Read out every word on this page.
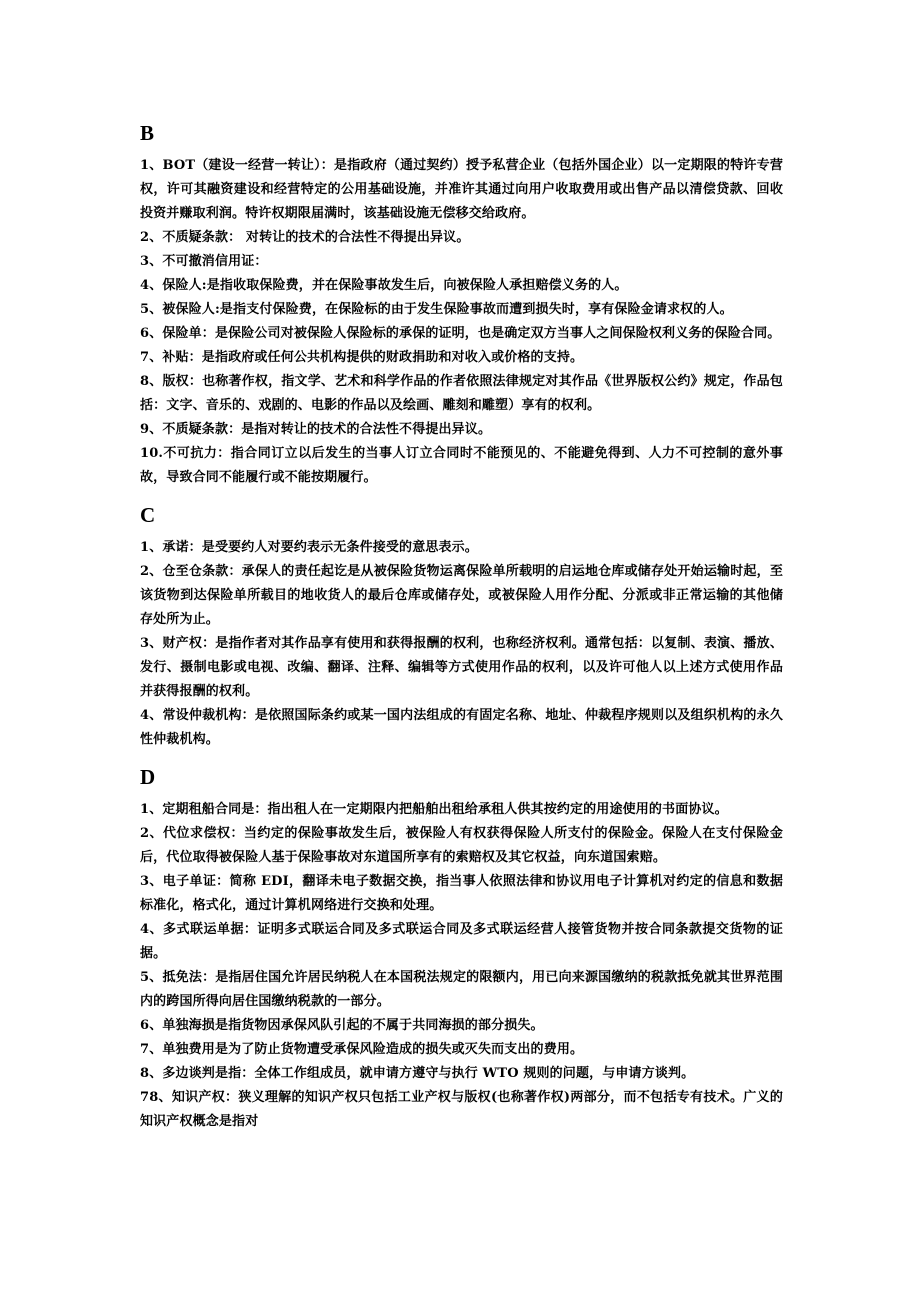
B

1、BOT（建设一经营一转让）：是指政府（通过契约）授予私营企业（包括外国企业）以一定期限的特许专营权，许可其融资建设和经营特定的公用基础设施，并准许其通过向用户收取费用或出售产品以清偿贷款、回收投资并赚取利润。特许权期限届满时，该基础设施无偿移交给政府。

2、不质疑条款： 对转让的技术的合法性不得提出异议。

3、不可撤消信用证：

4、保险人:是指收取保险费，并在保险事故发生后，向被保险人承担赔偿义务的人。

5、被保险人:是指支付保险费，在保险标的由于发生保险事故而遭到损失时，享有保险金请求权的人。

6、保险单：是保险公司对被保险人保险标的承保的证明，也是确定双方当事人之间保险权利义务的保险合同。

7、补贴：是指政府或任何公共机构提供的财政捐助和对收入或价格的支持。

8、版权：也称著作权，指文学、艺术和科学作品的作者依照法律规定对其作品《世界版权公约》规定，作品包括：文字、音乐的、戏剧的、电影的作品以及绘画、雕刻和雕塑）享有的权利。

9、不质疑条款：是指对转让的技术的合法性不得提出异议。

10.不可抗力：指合同订立以后发生的当事人订立合同时不能预见的、不能避免得到、人力不可控制的意外事故，导致合同不能履行或不能按期履行。

C

1、承诺：是受要约人对要约表示无条件接受的意思表示。

2、仓至仓条款：承保人的责任起讫是从被保险货物运离保险单所载明的启运地仓库或储存处开始运输时起，至该货物到达保险单所载目的地收货人的最后仓库或储存处，或被保险人用作分配、分派或非正常运输的其他储存处所为止。

3、财产权：是指作者对其作品享有使用和获得报酬的权利，也称经济权利。通常包括：以复制、表演、播放、发行、摄制电影或电视、改编、翻译、注释、编辑等方式使用作品的权利，以及许可他人以上述方式使用作品并获得报酬的权利。

4、常设仲裁机构：是依照国际条约或某一国内法组成的有固定名称、地址、仲裁程序规则以及组织机构的永久性仲裁机构。

D

1、定期租船合同是：指出租人在一定期限内把船舶出租给承租人供其按约定的用途使用的书面协议。

2、代位求偿权：当约定的保险事故发生后，被保险人有权获得保险人所支付的保险金。保险人在支付保险金后，代位取得被保险人基于保险事故对东道国所享有的索赔权及其它权益，向东道国索赔。

3、电子单证：简称 EDI，翻译未电子数据交换，指当事人依照法律和协议用电子计算机对约定的信息和数据标准化，格式化，通过计算机网络进行交换和处理。

4、多式联运单据：证明多式联运合同及多式联运合同及多式联运经营人接管货物并按合同条款提交货物的证据。

5、抵免法：是指居住国允许居民纳税人在本国税法规定的限额内，用已向来源国缴纳的税款抵免就其世界范围内的跨国所得向居住国缴纳税款的一部分。

6、单独海损是指货物因承保风队引起的不属于共同海损的部分损失。

7、单独费用是为了防止货物遭受承保风险造成的损失或灭失而支出的费用。

8、多边谈判是指：全体工作组成员，就申请方遵守与执行 WTO 规则的问题，与申请方谈判。

78、知识产权：狭义理解的知识产权只包括工业产权与版权(也称著作权)两部分，而不包括专有技术。广义的知识产权概念是指对
